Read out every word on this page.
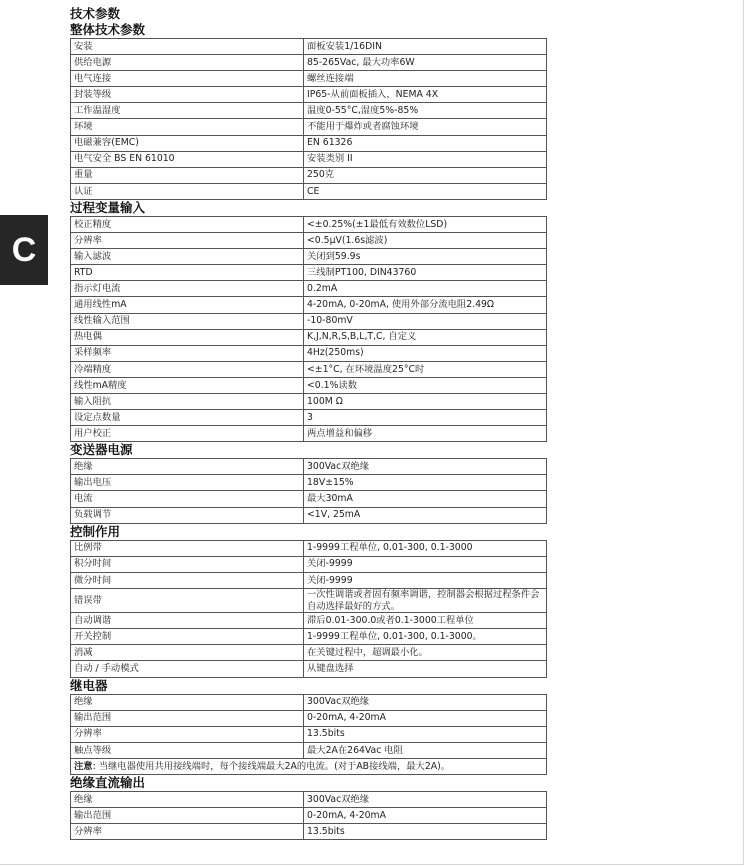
C
技术参数
整体技术参数
安装	面板安装1/16DIN
供给电源	85-265Vac, 最大功率6W
电气连接	螺丝连接端
封装等级	IP65-从前面板插入，NEMA 4X
工作温湿度	温度0-55°C,湿度5%-85%
环境	不能用于爆炸或者腐蚀环境
电磁兼容(EMC)	EN 61326
电气安全 BS EN 61010	安装类别 II
重量	250克
认证	CE
过程变量输入
校正精度	<±0.25%(±1最低有效数位LSD)
分辨率	<0.5μV(1.6s滤波)
输入滤波	关闭到59.9s
RTD	三线制PT100, DIN43760
指示灯电流	0.2mA
通用线性mA	4-20mA, 0-20mA, 使用外部分流电阻2.49Ω
线性输入范围	-10-80mV
热电偶	K,J,N,R,S,B,L,T,C, 自定义
采样频率	4Hz(250ms)
冷端精度	<±1°C, 在环境温度25°C时
线性mA精度	<0.1%读数
输入阻抗	100M Ω
设定点数量	3
用户校正	两点增益和偏移
变送器电源
绝缘	300Vac双绝缘
输出电压	18V±15%
电流	最大30mA
负载调节	<1V, 25mA
控制作用
比例带	1-9999工程单位, 0.01-300, 0.1-3000
积分时间	关闭-9999
微分时间	关闭-9999
错误带	一次性调谐或者固有频率调谐，控制器会根据过程条件会自动选择最好的方式。
自动调谐	滞后0.01-300.0或者0.1-3000工程单位
开关控制	1-9999工程单位, 0.01-300, 0.1-3000。
消减	在关键过程中，超调最小化。
自动 / 手动模式	从键盘选择
继电器
绝缘	300Vac双绝缘
输出范围	0-20mA, 4-20mA
分辨率	13.5bits
触点等级	最大2A在264Vac 电阻
注意: 当继电器使用共用接线端时，每个接线端最大2A的电流。(对于AB接线端，最大2A)。	
绝缘直流输出
绝缘	300Vac双绝缘
输出范围	0-20mA, 4-20mA
分辨率	13.5bits
